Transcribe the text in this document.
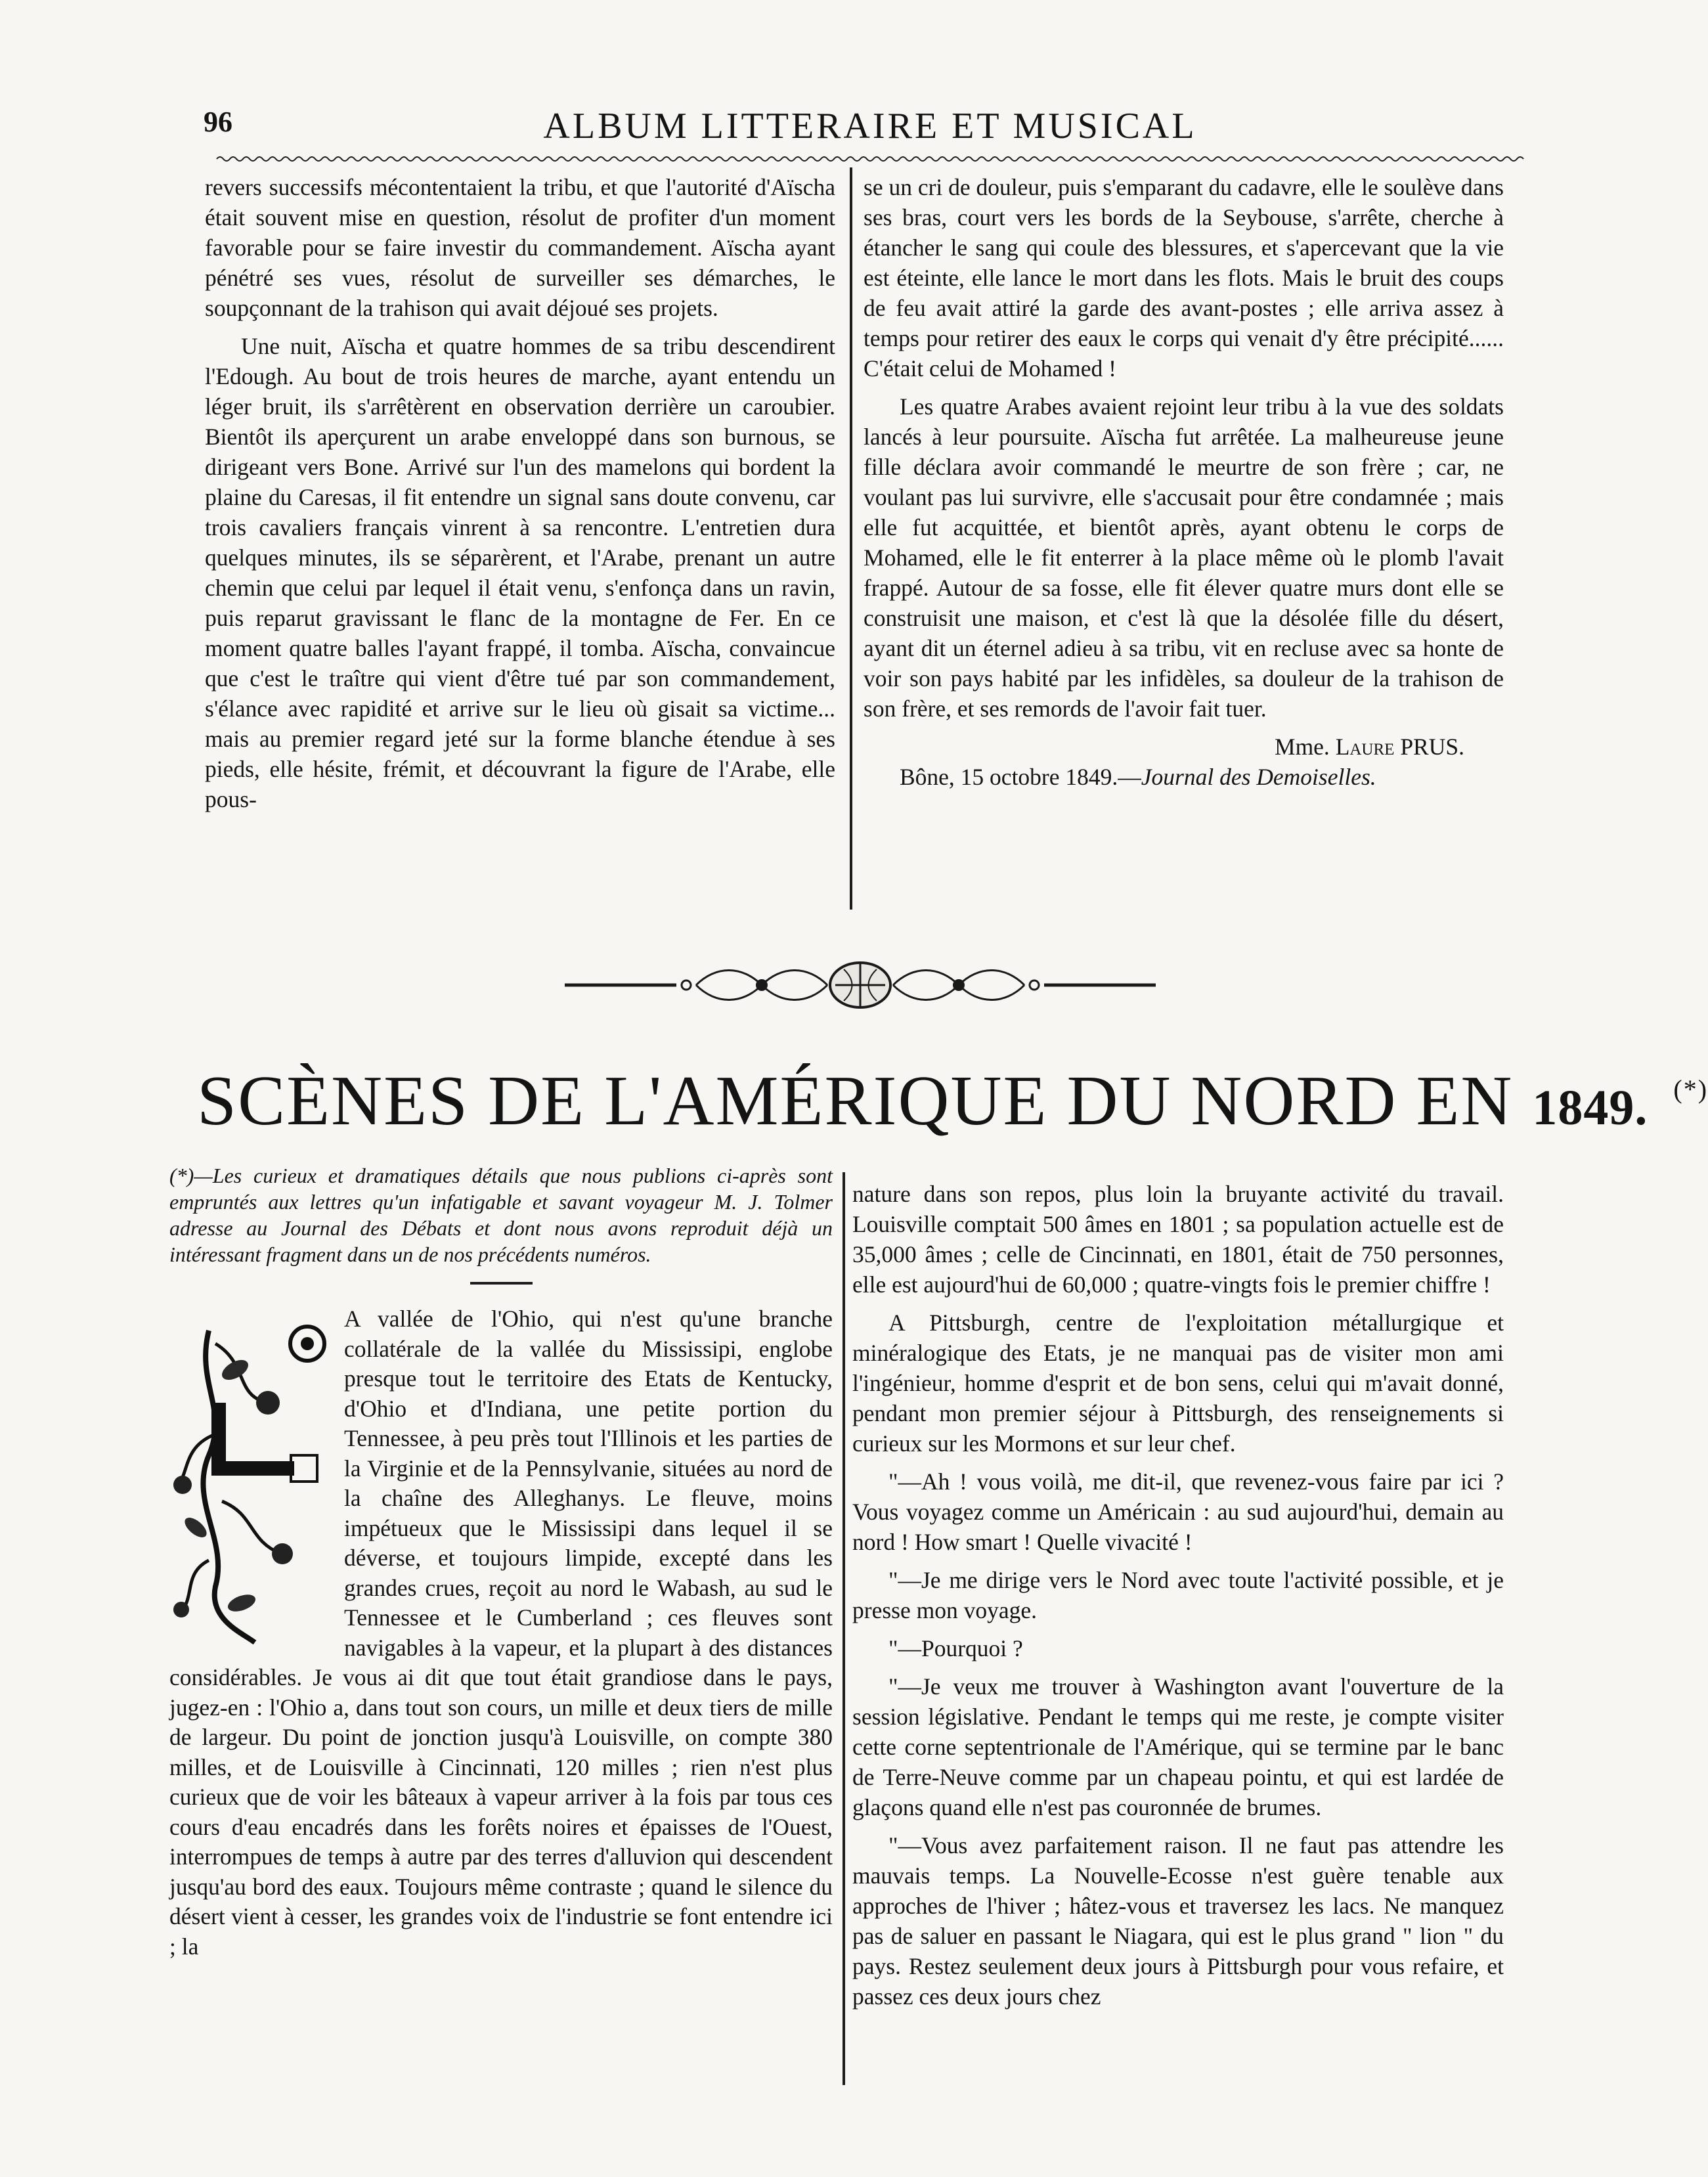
96	ALBUM LITTERAIRE ET MUSICAL

revers successifs mécontentaient la tribu, et que l'autorité d'Aïscha était souvent mise en question, résolut de profiter d'un moment favorable pour se faire investir du commandement. Aïscha ayant pénétré ses vues, résolut de surveiller ses démarches, le soupçonnant de la trahison qui avait déjoué ses projets.

Une nuit, Aïscha et quatre hommes de sa tribu descendirent l'Edough. Au bout de trois heures de marche, ayant entendu un léger bruit, ils s'arrêtèrent en observation derrière un caroubier. Bientôt ils aperçurent un arabe enveloppé dans son burnous, se dirigeant vers Bone. Arrivé sur l'un des mamelons qui bordent la plaine du Caresas, il fit entendre un signal sans doute convenu, car trois cavaliers français vinrent à sa rencontre. L'entretien dura quelques minutes, ils se séparèrent, et l'Arabe, prenant un autre chemin que celui par lequel il était venu, s'enfonça dans un ravin, puis reparut gravissant le flanc de la montagne de Fer. En ce moment quatre balles l'ayant frappé, il tomba. Aïscha, convaincue que c'est le traître qui vient d'être tué par son commandement, s'élance avec rapidité et arrive sur le lieu où gisait sa victime... mais au premier regard jeté sur la forme blanche étendue à ses pieds, elle hésite, frémit, et découvrant la figure de l'Arabe, elle pous-

se un cri de douleur, puis s'emparant du cadavre, elle le soulève dans ses bras, court vers les bords de la Seybouse, s'arrête, cherche à étancher le sang qui coule des blessures, et s'apercevant que la vie est éteinte, elle lance le mort dans les flots. Mais le bruit des coups de feu avait attiré la garde des avant-postes ; elle arriva assez à temps pour retirer des eaux le corps qui venait d'y être précipité...... C'était celui de Mohamed !

Les quatre Arabes avaient rejoint leur tribu à la vue des soldats lancés à leur poursuite. Aïscha fut arrêtée. La malheureuse jeune fille déclara avoir commandé le meurtre de son frère ; car, ne voulant pas lui survivre, elle s'accusait pour être condamnée ; mais elle fut acquittée, et bientôt après, ayant obtenu le corps de Mohamed, elle le fit enterrer à la place même où le plomb l'avait frappé. Autour de sa fosse, elle fit élever quatre murs dont elle se construisit une maison, et c'est là que la désolée fille du désert, ayant dit un éternel adieu à sa tribu, vit en recluse avec sa honte de voir son pays habité par les infidèles, sa douleur de la trahison de son frère, et ses remords de l'avoir fait tuer.

Mme. Laure PRUS.
Bône, 15 octobre 1849.—Journal des Demoiselles.
SCÈNES DE L'AMÉRIQUE DU NORD EN 1849. (*)

(*)—Les curieux et dramatiques détails que nous publions ci-après sont empruntés aux lettres qu'un infatigable et savant voyageur M. J. Tolmer adresse au Journal des Débats et dont nous avons reproduit déjà un intéressant fragment dans un de nos précédents numéros.

A vallée de l'Ohio, qui n'est qu'une branche collatérale de la vallée du Mississipi, englobe presque tout le territoire des Etats de Kentucky, d'Ohio et d'Indiana, une petite portion du Tennessee, à peu près tout l'Illinois et les parties de la Virginie et de la Pennsylvanie, situées au nord de la chaîne des Alleghanys. Le fleuve, moins impétueux que le Mississipi dans lequel il se déverse, et toujours limpide, excepté dans les grandes crues, reçoit au nord le Wabash, au sud le Tennessee et le Cumberland ; ces fleuves sont navigables à la vapeur, et la plupart à des distances considérables. Je vous ai dit que tout était grandiose dans le pays, jugez-en : l'Ohio a, dans tout son cours, un mille et deux tiers de mille de largeur. Du point de jonction jusqu'à Louisville, on compte 380 milles, et de Louisville à Cincinnati, 120 milles ; rien n'est plus curieux que de voir les bâteaux à vapeur arriver à la fois par tous ces cours d'eau encadrés dans les forêts noires et épaisses de l'Ouest, interrompues de temps à autre par des terres d'alluvion qui descendent jusqu'au bord des eaux. Toujours même contraste ; quand le silence du désert vient à cesser, les grandes voix de l'industrie se font entendre ici ; la

nature dans son repos, plus loin la bruyante activité du travail. Louisville comptait 500 âmes en 1801 ; sa population actuelle est de 35,000 âmes ; celle de Cincinnati, en 1801, était de 750 personnes, elle est aujourd'hui de 60,000 ; quatre-vingts fois le premier chiffre !

A Pittsburgh, centre de l'exploitation métallurgique et minéralogique des Etats, je ne manquai pas de visiter mon ami l'ingénieur, homme d'esprit et de bon sens, celui qui m'avait donné, pendant mon premier séjour à Pittsburgh, des renseignements si curieux sur les Mormons et sur leur chef.

"—Ah ! vous voilà, me dit-il, que revenez-vous faire par ici ? Vous voyagez comme un Américain : au sud aujourd'hui, demain au nord ! How smart ! Quelle vivacité !

"—Je me dirige vers le Nord avec toute l'activité possible, et je presse mon voyage.

"—Pourquoi ?

"—Je veux me trouver à Washington avant l'ouverture de la session législative. Pendant le temps qui me reste, je compte visiter cette corne septentrionale de l'Amérique, qui se termine par le banc de Terre-Neuve comme par un chapeau pointu, et qui est lardée de glaçons quand elle n'est pas couronnée de brumes.

"—Vous avez parfaitement raison. Il ne faut pas attendre les mauvais temps. La Nouvelle-Ecosse n'est guère tenable aux approches de l'hiver ; hâtez-vous et traversez les lacs. Ne manquez pas de saluer en passant le Niagara, qui est le plus grand " lion " du pays. Restez seulement deux jours à Pittsburgh pour vous refaire, et passez ces deux jours chez
